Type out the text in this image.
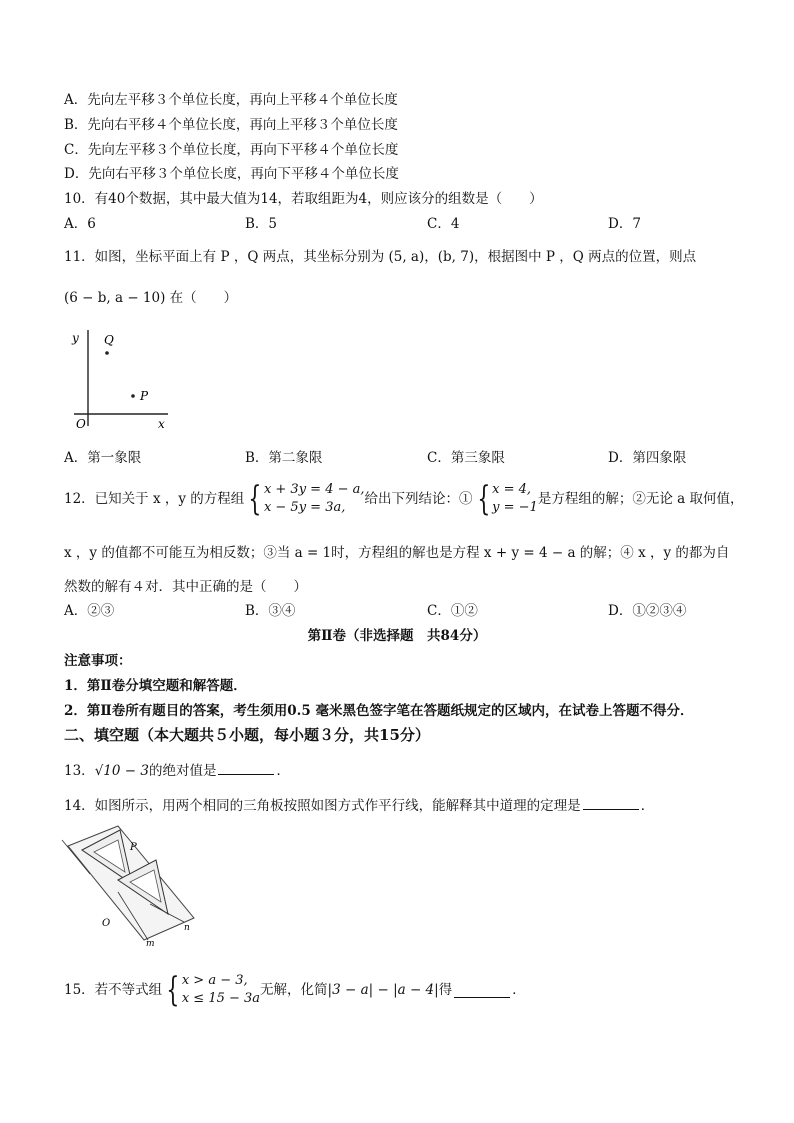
A．先向左平移３个单位长度，再向上平移４个单位长度
B．先向右平移４个单位长度，再向上平移３个单位长度
C．先向左平移３个单位长度，再向下平移４个单位长度
D．先向右平移３个单位长度，再向下平移４个单位长度
10．有40个数据，其中最大值为14，若取组距为4，则应该分的组数是（　　）
A．6	B．5	C．4	D．7
11．如图，坐标平面上有 P ，Q 两点，其坐标分别为 (5, a)，(b, 7)，根据图中 P ，Q 两点的位置，则点
(6 − b, a − 10) 在（　　）
y
x
O
Q
P
A．第一象限	B．第二象限	C．第三象限	D．第四象限
12．已知关于 x ，y 的方程组 { x + 3y = 4 − a,
x − 5y = 3a,
给出下列结论：① { x = 4,
y = −1
是方程组的解；②无论 a 取何值，
x ，y 的值都不可能互为相反数；③当 a = 1时，方程组的解也是方程 x + y = 4 − a 的解；④ x ，y 的都为自
然数的解有４对．其中正确的是（　　）
A．②③	B．③④	C．①②	D．①②③④
第Ⅱ卷（非选择题　共84分）
注意事项：
1．第Ⅱ卷分填空题和解答题．
2．第Ⅱ卷所有题目的答案，考生须用0.5 毫米黑色签字笔在答题纸规定的区域内，在试卷上答题不得分．
二、填空题（本大题共５小题，每小题３分，共15分）
13．√10 − 3的绝对值是	．
14．如图所示，用两个相同的三角板按照如图方式作平行线，能解释其中道理的定理是	．
P
O
m
n
15．若不等式组 { x > a − 3,
x ≤ 15 − 3a
无解，化简 |3 − a| − |a − 4| 得	．
